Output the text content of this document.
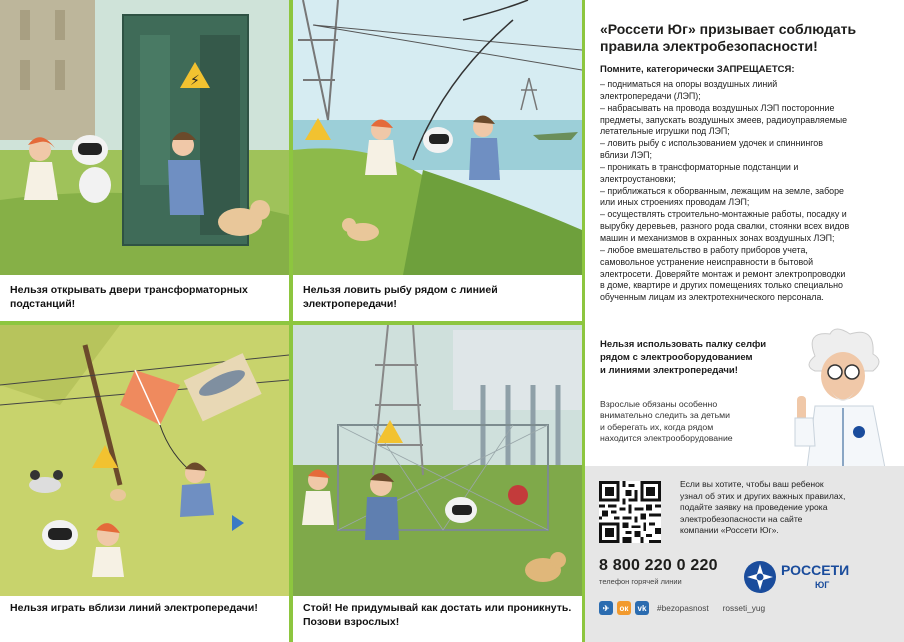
⚡
Нельзя открывать двери трансформаторных подстанций!
Нельзя ловить рыбу рядом с линией электропередачи!
Нельзя играть вблизи линий электропередачи!	Стой! Не придумывай как достать или проникнуть. Позови взрослых!
«Россети Юг» призывает соблюдать правила электробезопасности!
Помните, категорически ЗАПРЕЩАЕТСЯ:
– подниматься на опоры воздушных линий
электропередачи (ЛЭП);
– набрасывать на провода воздушных ЛЭП посторонние
предметы, запускать воздушных змеев, радиоуправляемые
летательные игрушки под ЛЭП;
– ловить рыбу с использованием удочек и спиннингов
вблизи ЛЭП;
– проникать в трансформаторные подстанции и
электроустановки;
– приближаться к оборванным, лежащим на земле, заборе
или иных строениях проводам ЛЭП;
– осуществлять строительно-монтажные работы, посадку и
вырубку деревьев, разного рода свалки, стоянки всех видов
машин и механизмов в охранных зонах воздушных ЛЭП;
– любое вмешательство в работу приборов учета,
самовольное устранение неисправности в бытовой
электросети. Доверяйте монтаж и ремонт электропроводки
в доме, квартире и других помещениях только специально
обученным лицам из электротехнического персонала.
Нельзя использовать палку селфи
рядом с электрооборудованием
и линиями электропередачи!
Взрослые обязаны особенно
внимательно следить за детьми
и оберегать их, когда рядом
находится электрооборудование
Если вы хотите, чтобы ваш ребенок
узнал об этих и других важных правилах,
подайте заявку на проведение урока
электробезопасности на сайте
компании «Россети Юг».
8 800 220 0 220
телефон горячей линии
РОССЕТИ
ЮГ
✈	ок	vk	#bezopasnost rosseti_yug
